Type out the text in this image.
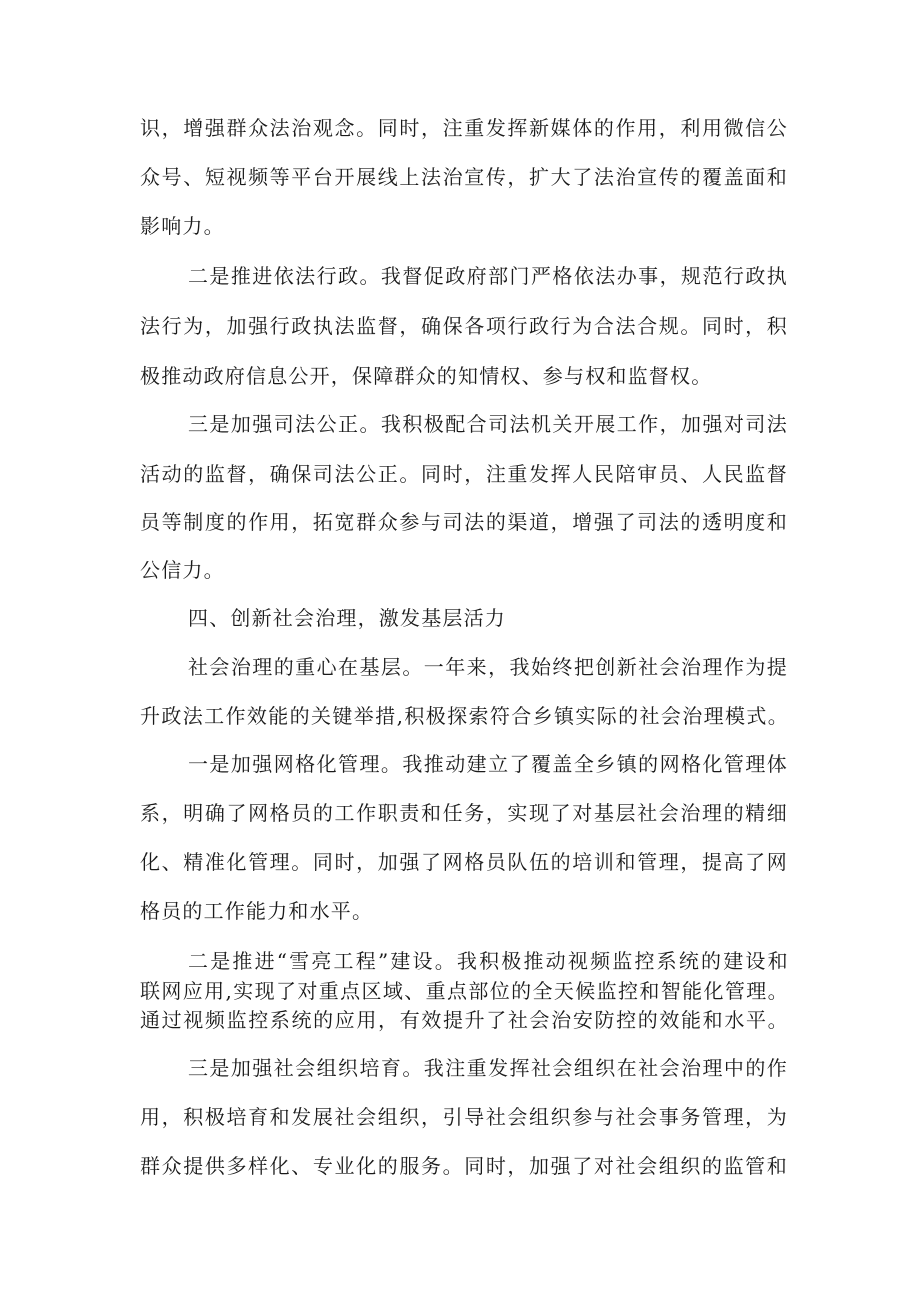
识，增强群众法治观念。同时，注重发挥新媒体的作用，利用微信公
众号、短视频等平台开展线上法治宣传，扩大了法治宣传的覆盖面和
影响力。
二是推进依法行政。我督促政府部门严格依法办事，规范行政执
法行为，加强行政执法监督，确保各项行政行为合法合规。同时，积
极推动政府信息公开，保障群众的知情权、参与权和监督权。
三是加强司法公正。我积极配合司法机关开展工作，加强对司法
活动的监督，确保司法公正。同时，注重发挥人民陪审员、人民监督
员等制度的作用，拓宽群众参与司法的渠道，增强了司法的透明度和
公信力。
四、创新社会治理，激发基层活力
社会治理的重心在基层。一年来，我始终把创新社会治理作为提
升政法工作效能的关键举措,积极探索符合乡镇实际的社会治理模式。
一是加强网格化管理。我推动建立了覆盖全乡镇的网格化管理体
系，明确了网格员的工作职责和任务，实现了对基层社会治理的精细
化、精准化管理。同时，加强了网格员队伍的培训和管理，提高了网
格员的工作能力和水平。
二是推进“雪亮工程”建设。我积极推动视频监控系统的建设和
联网应用,实现了对重点区域、重点部位的全天候监控和智能化管理。
通过视频监控系统的应用，有效提升了社会治安防控的效能和水平。
三是加强社会组织培育。我注重发挥社会组织在社会治理中的作
用，积极培育和发展社会组织，引导社会组织参与社会事务管理，为
群众提供多样化、专业化的服务。同时，加强了对社会组织的监管和
